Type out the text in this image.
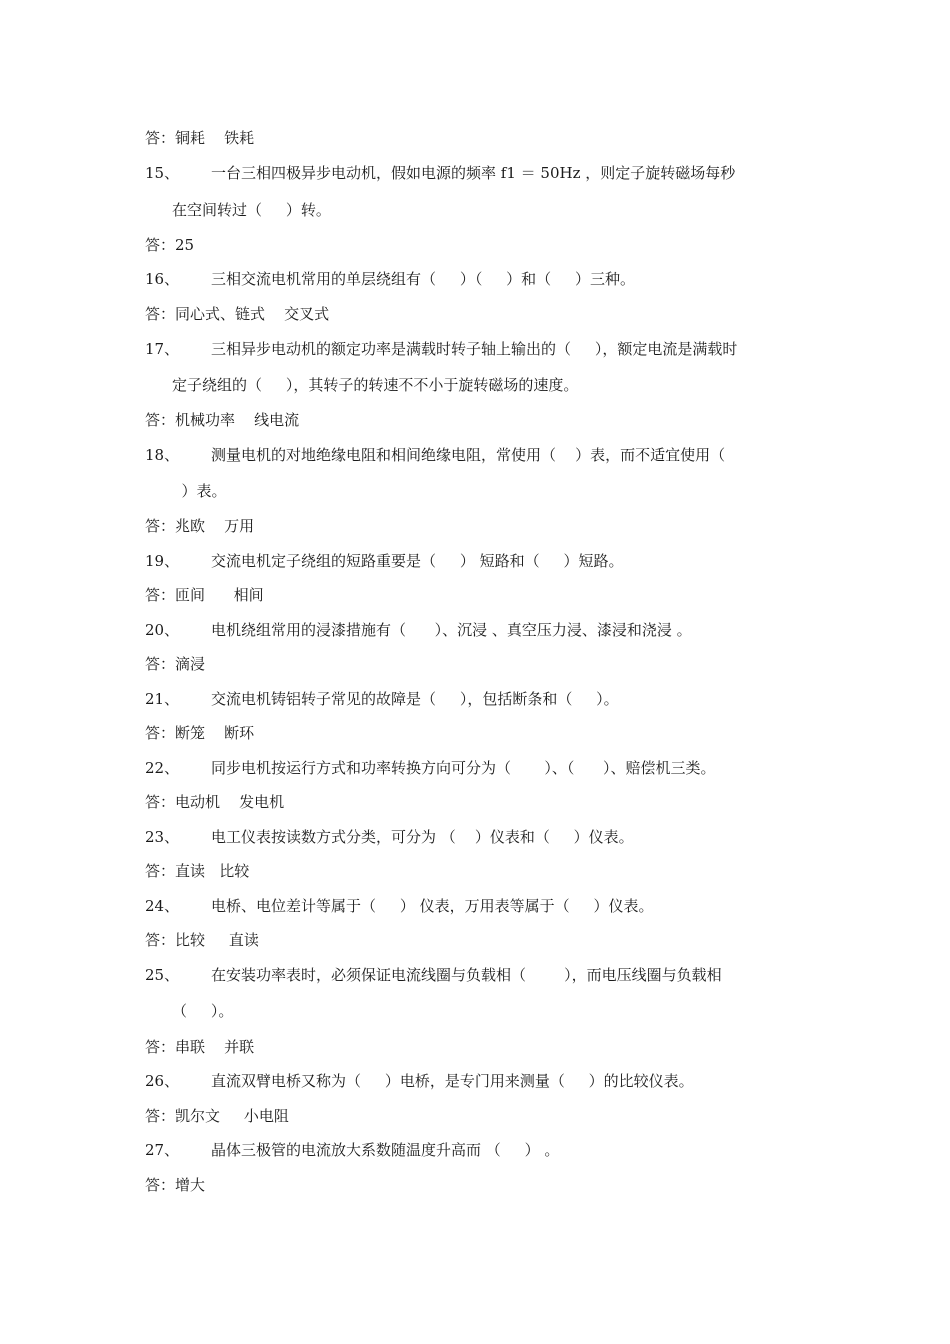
答：铜耗    铁耗
15、 一台三相四极异步电动机，假如电源的频率 f1 ＝ 50Hz ，则定子旋转磁场每秒
在空间转过（     ）转。
答：25
16、 三相交流电机常用的单层绕组有（     ）（     ）和（     ）三种。
答：同心式、链式    交叉式
17、 三相异步电动机的额定功率是满载时转子轴上输出的（     ），额定电流是满载时
定子绕组的（     ），其转子的转速不不小于旋转磁场的速度。
答：机械功率    线电流
18、 测量电机的对地绝缘电阻和相间绝缘电阻，常使用（    ）表，而不适宜使用（
）表。
答：兆欧    万用
19、 交流电机定子绕组的短路重要是（     ） 短路和（     ）短路。
答：匝间      相间
20、 电机绕组常用的浸漆措施有（      ）、沉浸 、真空压力浸、漆浸和浇浸 。
答：滴浸
21、 交流电机铸铝转子常见的故障是（     ），包括断条和（     ）。
答：断笼    断环
22、 同步电机按运行方式和功率转换方向可分为（       ）、（      ）、赔偿机三类。
答：电动机    发电机
23、 电工仪表按读数方式分类，可分为 （    ）仪表和（     ）仪表。
答：直读   比较
24、 电桥、电位差计等属于（     ） 仪表，万用表等属于（     ）仪表。
答：比较     直读
25、 在安装功率表时，必须保证电流线圈与负载相（        ），而电压线圈与负载相
（     ）。
答：串联    并联
26、 直流双臂电桥又称为（     ）电桥，是专门用来测量（     ）的比较仪表。
答：凯尔文     小电阻
27、 晶体三极管的电流放大系数随温度升高而 （     ） 。
答：增大
